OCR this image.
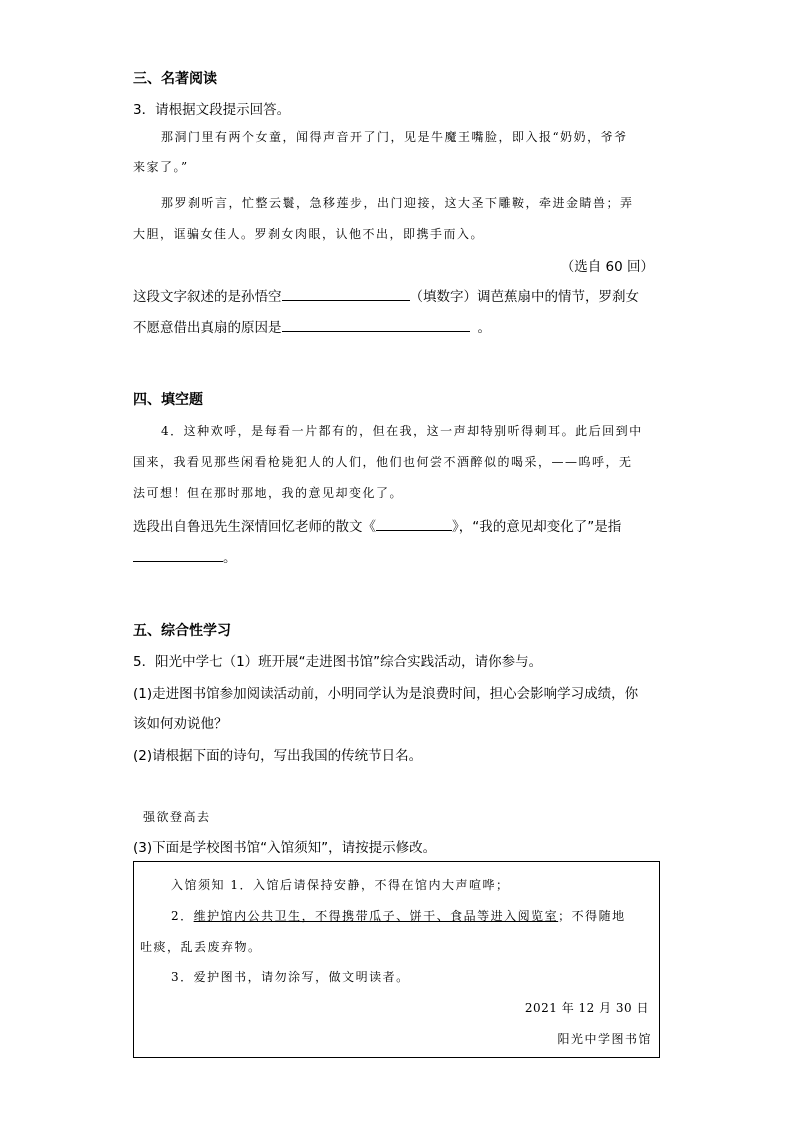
三、名著阅读
3．请根据文段提示回答。
那洞门里有两个女童，闻得声音开了门，见是牛魔王嘴脸，即入报“奶奶，爷爷
来家了。”
那罗刹听言，忙整云鬟，急移莲步，出门迎接，这大圣下雕鞍，牵进金睛兽；弄
大胆，诓骗女佳人。罗刹女肉眼，认他不出，即携手而入。
（选自 60 回）
这段文字叙述的是孙悟空	（填数字）调芭蕉扇中的情节，罗刹女
不愿意借出真扇的原因是	。
四、填空题
4．这种欢呼，是每看一片都有的，但在我，这一声却特别听得刺耳。此后回到中
国来，我看见那些闲看枪毙犯人的人们，他们也何尝不酒醉似的喝采，——呜呼，无
法可想！但在那时那地，我的意见却变化了。
选段出自鲁迅先生深情回忆老师的散文《	》，“我的意见却变化了”是指
。
五、综合性学习
5．阳光中学七（1）班开展“走进图书馆”综合实践活动，请你参与。
(1)走进图书馆参加阅读活动前，小明同学认为是浪费时间，担心会影响学习成绩，你
该如何劝说他？
(2)请根据下面的诗句，写出我国的传统节日名。
强欲登高去
(3)下面是学校图书馆“入馆须知”，请按提示修改。
入馆须知 1．入馆后请保持安静，不得在馆内大声喧哗；
2．维护馆内公共卫生，不得携带瓜子、饼干、食品等进入阅览室；不得随地
吐痰，乱丢废弃物。
3．爱护图书，请勿涂写，做文明读者。
2021 年 12 月 30 日
阳光中学图书馆
